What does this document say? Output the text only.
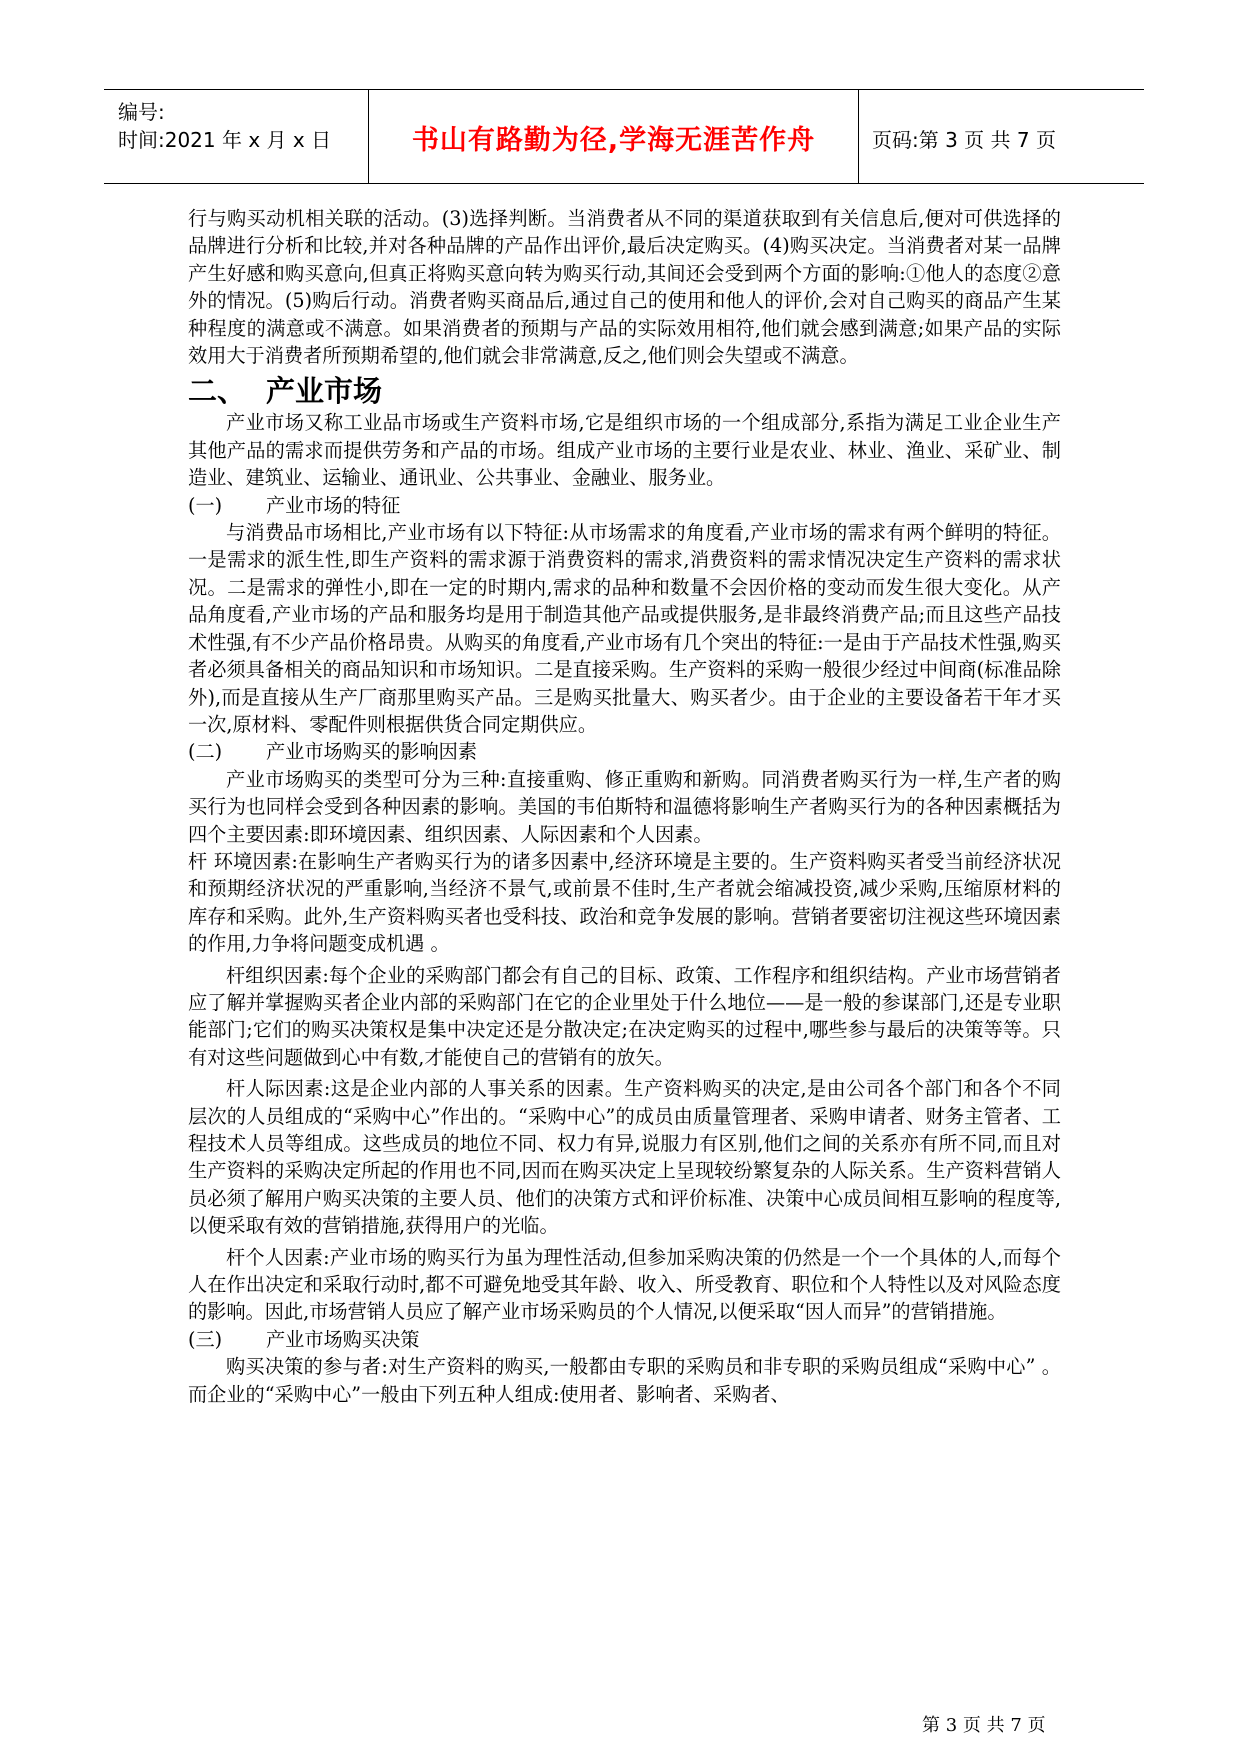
编号:
时间:2021 年 x 月 x 日	书山有路勤为径,学海无涯苦作舟	页码:第 3 页 共 7 页

行与购买动机相关联的活动。(3)选择判断。当消费者从不同的渠道获取到有关信息后,便对可供选择的品牌进行分析和比较,并对各种品牌的产品作出评价,最后决定购买。(4)购买决定。当消费者对某一品牌产生好感和购买意向,但真正将购买意向转为购买行动,其间还会受到两个方面的影响:①他人的态度②意外的情况。(5)购后行动。消费者购买商品后,通过自己的使用和他人的评价,会对自己购买的商品产生某种程度的满意或不满意。如果消费者的预期与产品的实际效用相符,他们就会感到满意;如果产品的实际效用大于消费者所预期希望的,他们就会非常满意,反之,他们则会失望或不满意。

二、 产业市场

产业市场又称工业品市场或生产资料市场,它是组织市场的一个组成部分,系指为满足工业企业生产其他产品的需求而提供劳务和产品的市场。组成产业市场的主要行业是农业、林业、渔业、采矿业、制造业、建筑业、运输业、通讯业、公共事业、金融业、服务业。

(一) 产业市场的特征

与消费品市场相比,产业市场有以下特征:从市场需求的角度看,产业市场的需求有两个鲜明的特征。一是需求的派生性,即生产资料的需求源于消费资料的需求,消费资料的需求情况决定生产资料的需求状况。二是需求的弹性小,即在一定的时期内,需求的品种和数量不会因价格的变动而发生很大变化。从产品角度看,产业市场的产品和服务均是用于制造其他产品或提供服务,是非最终消费产品;而且这些产品技术性强,有不少产品价格昂贵。从购买的角度看,产业市场有几个突出的特征:一是由于产品技术性强,购买者必须具备相关的商品知识和市场知识。二是直接采购。生产资料的采购一般很少经过中间商(标准品除外),而是直接从生产厂商那里购买产品。三是购买批量大、购买者少。由于企业的主要设备若干年才买一次,原材料、零配件则根据供货合同定期供应。

(二) 产业市场购买的影响因素

产业市场购买的类型可分为三种:直接重购、修正重购和新购。同消费者购买行为一样,生产者的购买行为也同样会受到各种因素的影响。美国的韦伯斯特和温德将影响生产者购买行为的各种因素概括为四个主要因素:即环境因素、组织因素、人际因素和个人因素。

杆 环境因素:在影响生产者购买行为的诸多因素中,经济环境是主要的。生产资料购买者受当前经济状况和预期经济状况的严重影响,当经济不景气,或前景不佳时,生产者就会缩减投资,减少采购,压缩原材料的库存和采购。此外,生产资料购买者也受科技、政治和竞争发展的影响。营销者要密切注视这些环境因素的作用,力争将问题变成机遇 。

杆组织因素:每个企业的采购部门都会有自己的目标、政策、工作程序和组织结构。产业市场营销者应了解并掌握购买者企业内部的采购部门在它的企业里处于什么地位——是一般的参谋部门,还是专业职能部门;它们的购买决策权是集中决定还是分散决定;在决定购买的过程中,哪些参与最后的决策等等。只有对这些问题做到心中有数,才能使自己的营销有的放矢。

杆人际因素:这是企业内部的人事关系的因素。生产资料购买的决定,是由公司各个部门和各个不同层次的人员组成的“采购中心”作出的。“采购中心”的成员由质量管理者、采购申请者、财务主管者、工程技术人员等组成。这些成员的地位不同、权力有异,说服力有区别,他们之间的关系亦有所不同,而且对生产资料的采购决定所起的作用也不同,因而在购买决定上呈现较纷繁复杂的人际关系。生产资料营销人员必须了解用户购买决策的主要人员、他们的决策方式和评价标准、决策中心成员间相互影响的程度等,以便采取有效的营销措施,获得用户的光临。

杆个人因素:产业市场的购买行为虽为理性活动,但参加采购决策的仍然是一个一个具体的人,而每个人在作出决定和采取行动时,都不可避免地受其年龄、收入、所受教育、职位和个人特性以及对风险态度的影响。因此,市场营销人员应了解产业市场采购员的个人情况,以便采取“因人而异”的营销措施。

(三) 产业市场购买决策

购买决策的参与者:对生产资料的购买,一般都由专职的采购员和非专职的采购员组成“采购中心” 。而企业的“采购中心”一般由下列五种人组成:使用者、影响者、采购者、

第 3 页 共 7 页
